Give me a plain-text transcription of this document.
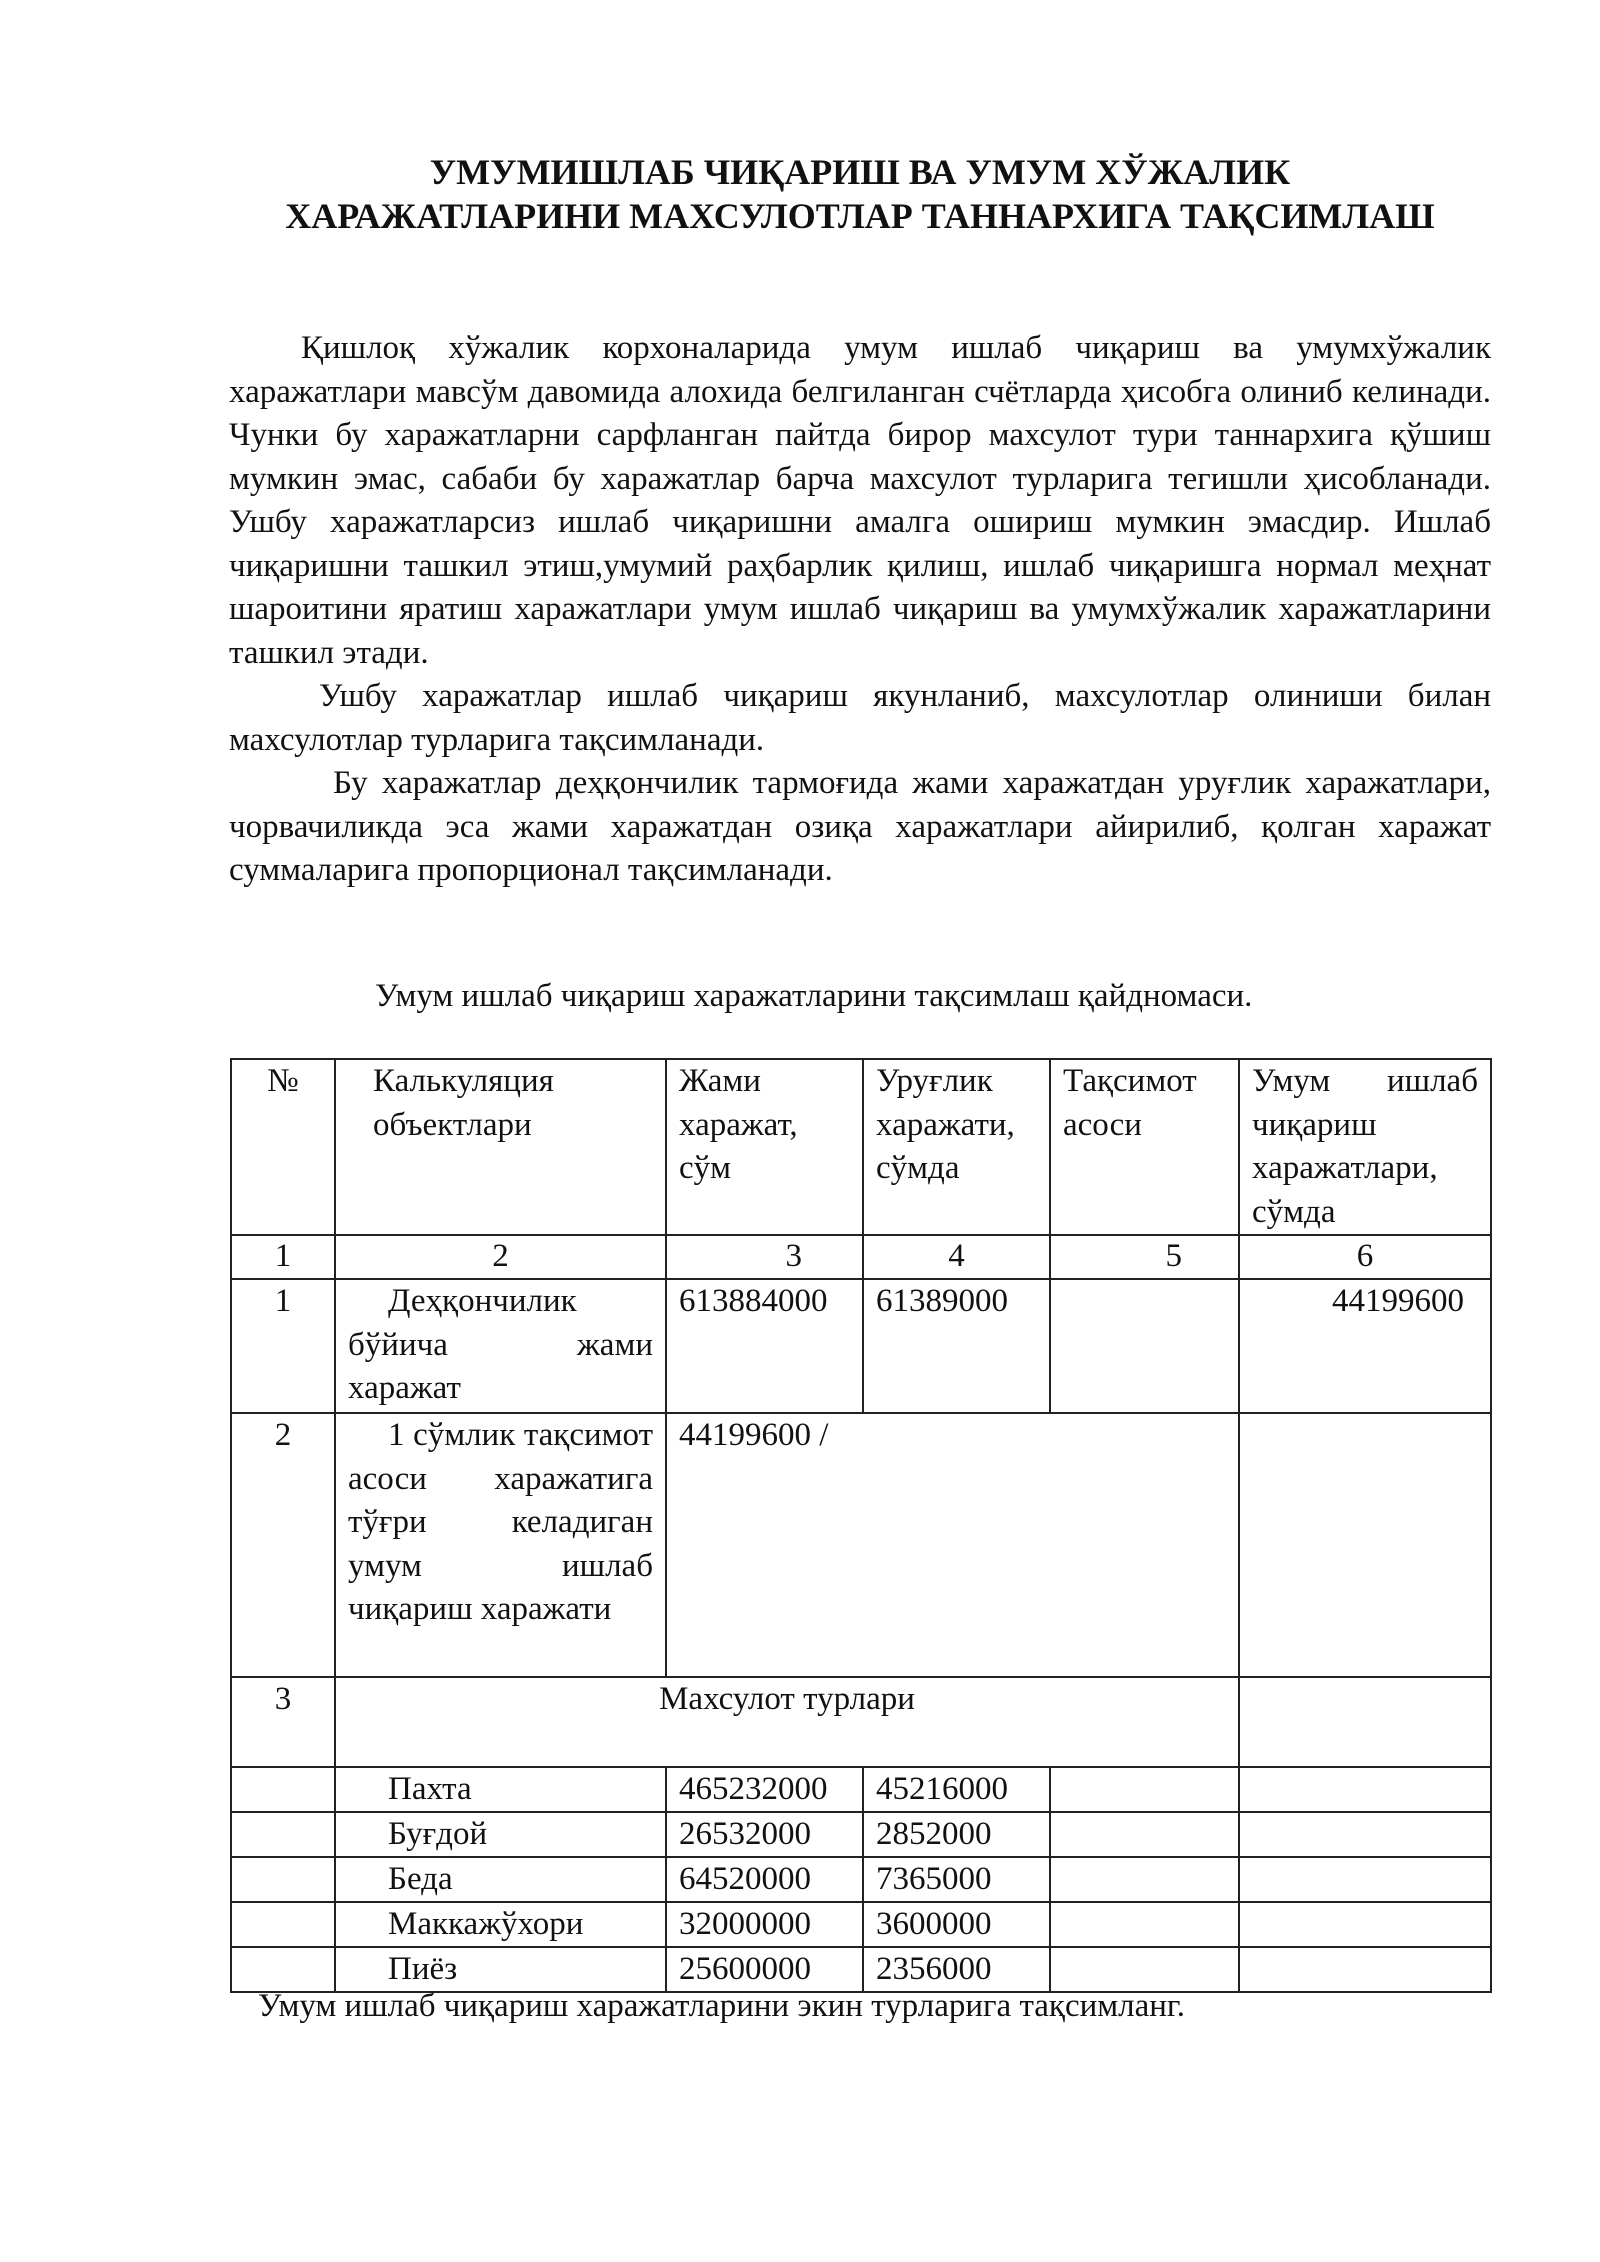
УМУМИШЛАБ ЧИҚАРИШ ВА УМУМ ХЎЖАЛИК
ХАРАЖАТЛАРИНИ МАХСУЛОТЛАР ТАННАРХИГА ТАҚСИМЛАШ

Қишлоқ хўжалик корхоналарида умум ишлаб чиқариш ва умумхўжалик харажатлари мавсўм давомида алохида белгиланган счётларда ҳисобга олиниб келинади. Чунки бу харажатларни сарфланган пайтда бирор махсулот тури таннархига қўшиш мумкин эмас, сабаби бу харажатлар барча махсулот турларига тегишли ҳисобланади. Ушбу харажатларсиз ишлаб чиқаришни амалга ошириш мумкин эмасдир. Ишлаб чиқаришни ташкил этиш,умумий раҳбарлик қилиш, ишлаб чиқаришга нормал меҳнат шароитини яратиш харажатлари умум ишлаб чиқариш ва умумхўжалик харажатларини ташкил этади.

Ушбу харажатлар ишлаб чиқариш якунланиб, махсулотлар олиниши билан махсулотлар турларига тақсимланади.

Бу харажатлар деҳқончилик тармоғида жами харажатдан уруғлик харажатлари, чорвачиликда эса жами харажатдан озиқа харажатлари айирилиб, қолган харажат суммаларига пропорционал тақсимланади.

Умум ишлаб чиқариш харажатларини тақсимлаш қайдномаси.
№	Калькуляция объектлари	Жами харажат, сўм	Уруғлик харажати, сўмда	Тақсимот асоси	Умум ишлаб чиқариш харажатлари, сўмда
1	2	3	4	5	6
1	Деҳқончилик бўйича жами харажат	613884000	61389000		44199600
2	1 сўмлик тақсимот асоси харажатига тўғри келадиган умум ишлаб чиқариш харажати	44199600 /			
3	Махсулот турлари				
	Пахта	465232000	45216000		
	Буғдой	26532000	2852000		
	Беда	64520000	7365000		
	Маккажўхори	32000000	3600000		
	Пиёз	25600000	2356000		
Умум ишлаб чиқариш харажатларини экин турларига тақсимланг.
